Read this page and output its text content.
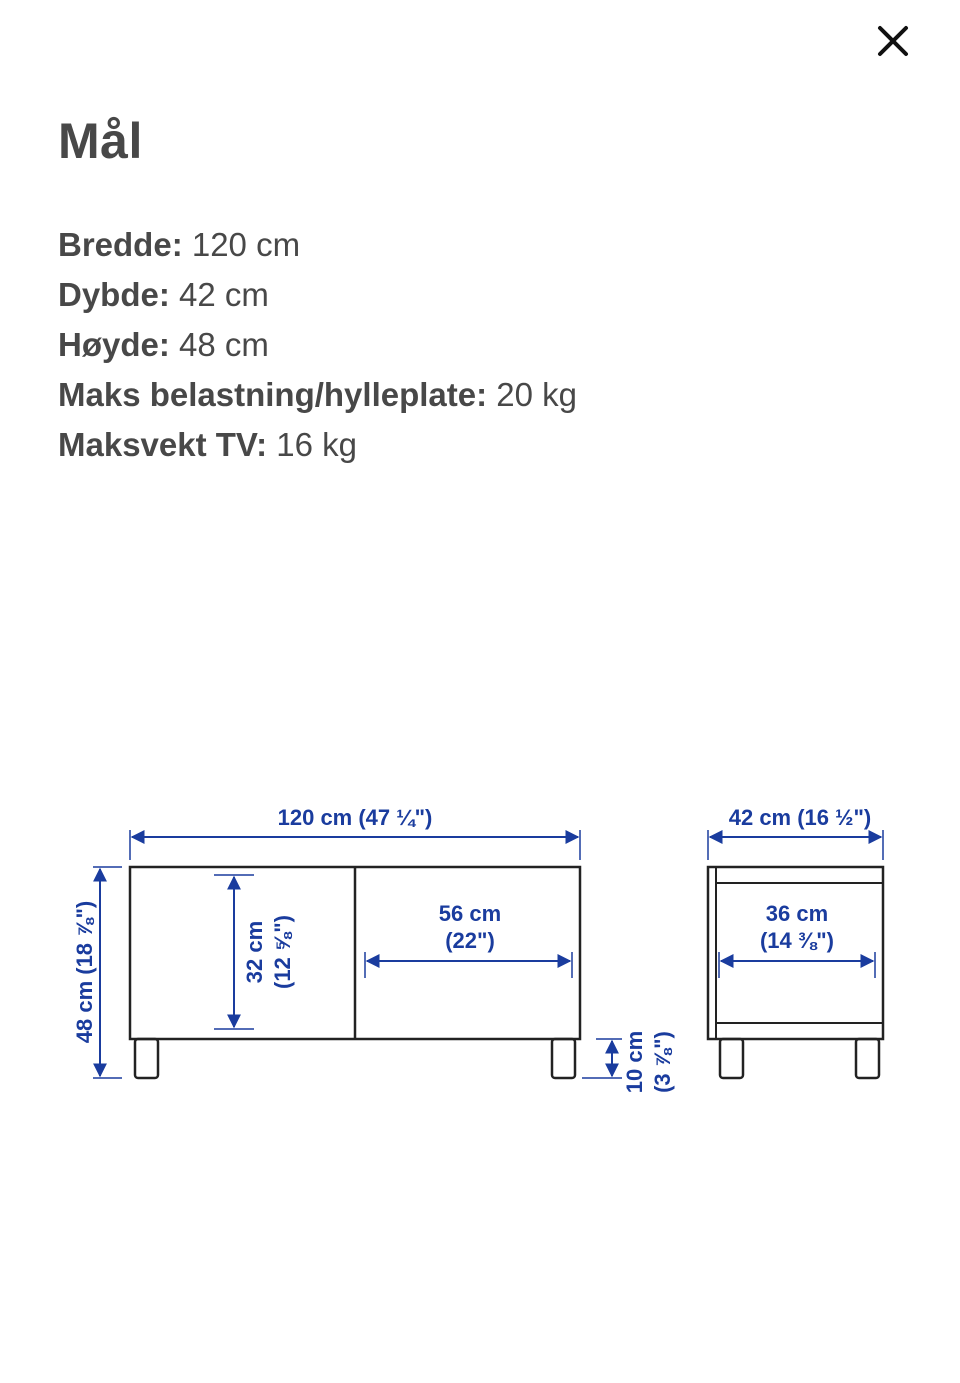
Mål
Bredde: 120 cm
Dybde: 42 cm
Høyde: 48 cm
Maks belastning/hylleplate: 20 kg
Maksvekt TV: 16 kg
120 cm (47 ¼")
48 cm (18 ⅞")	32 cm (12 ⅝")
56 cm
(22")
10 cm (3 ⅞")
42 cm (16 ½")
36 cm
(14 ⅜")
